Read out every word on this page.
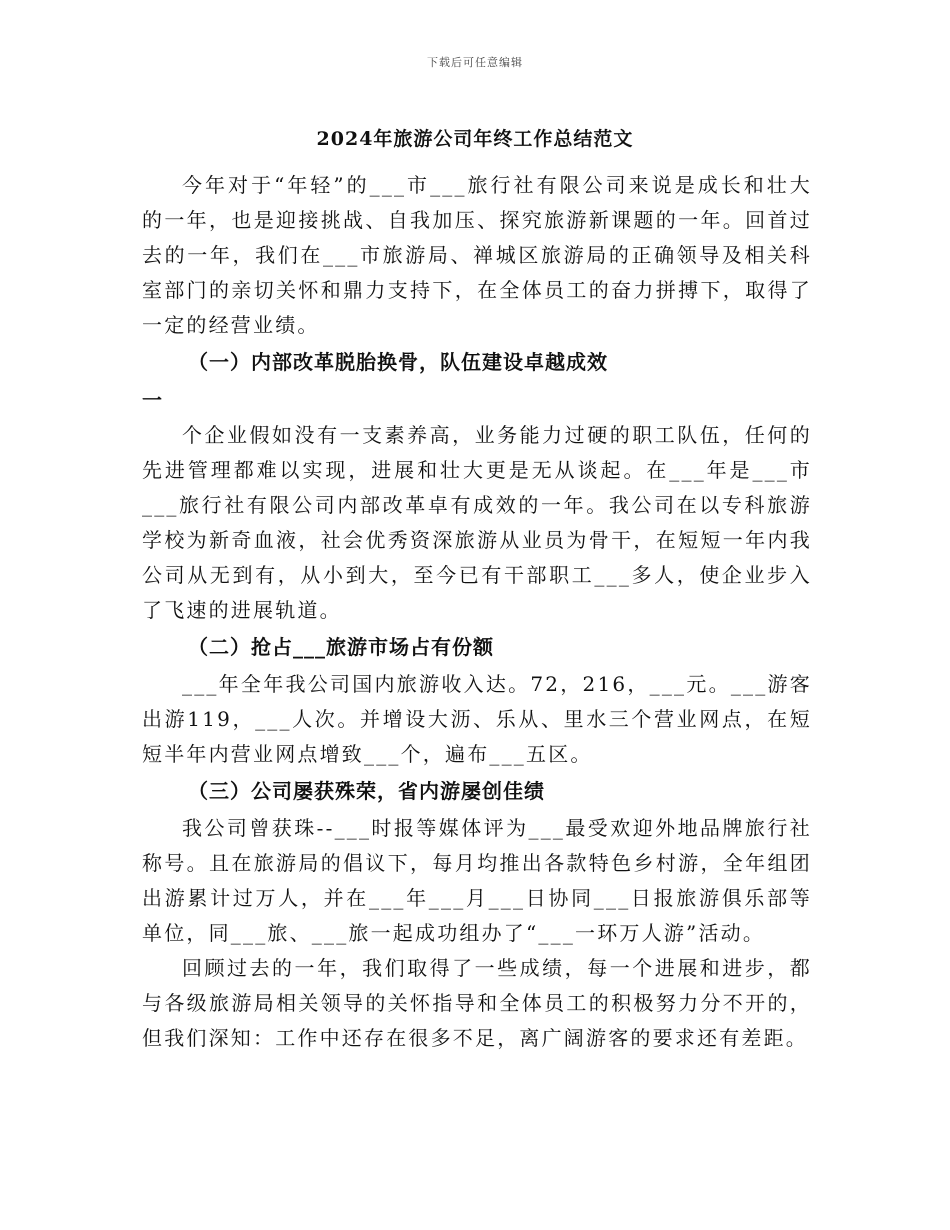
下载后可任意编辑
2024年旅游公司年终工作总结范文

今年对于“年轻”的___市___旅行社有限公司来说是成长和壮大的一年，也是迎接挑战、自我加压、探究旅游新课题的一年。回首过去的一年，我们在___市旅游局、禅城区旅游局的正确领导及相关科室部门的亲切关怀和鼎力支持下，在全体员工的奋力拼搏下，取得了一定的经营业绩。

（一）内部改革脱胎换骨，队伍建设卓越成效

一

个企业假如没有一支素养高，业务能力过硬的职工队伍，任何的先进管理都难以实现，进展和壮大更是无从谈起。在___年是___市___旅行社有限公司内部改革卓有成效的一年。我公司在以专科旅游学校为新奇血液，社会优秀资深旅游从业员为骨干，在短短一年内我公司从无到有，从小到大，至今已有干部职工___多人，使企业步入了飞速的进展轨道。

（二）抢占___旅游市场占有份额

___年全年我公司国内旅游收入达。72，216，___元。___游客出游119，___人次。并增设大沥、乐从、里水三个营业网点，在短短半年内营业网点增致___个，遍布___五区。

（三）公司屡获殊荣，省内游屡创佳绩

我公司曾获珠--___时报等媒体评为___最受欢迎外地品牌旅行社称号。且在旅游局的倡议下，每月均推出各款特色乡村游，全年组团出游累计过万人，并在___年___月___日协同___日报旅游俱乐部等单位，同___旅、___旅一起成功组办了“___一环万人游”活动。

回顾过去的一年，我们取得了一些成绩，每一个进展和进步，都与各级旅游局相关领导的关怀指导和全体员工的积极努力分不开的，但我们深知：工作中还存在很多不足，离广阔游客的要求还有差距。
